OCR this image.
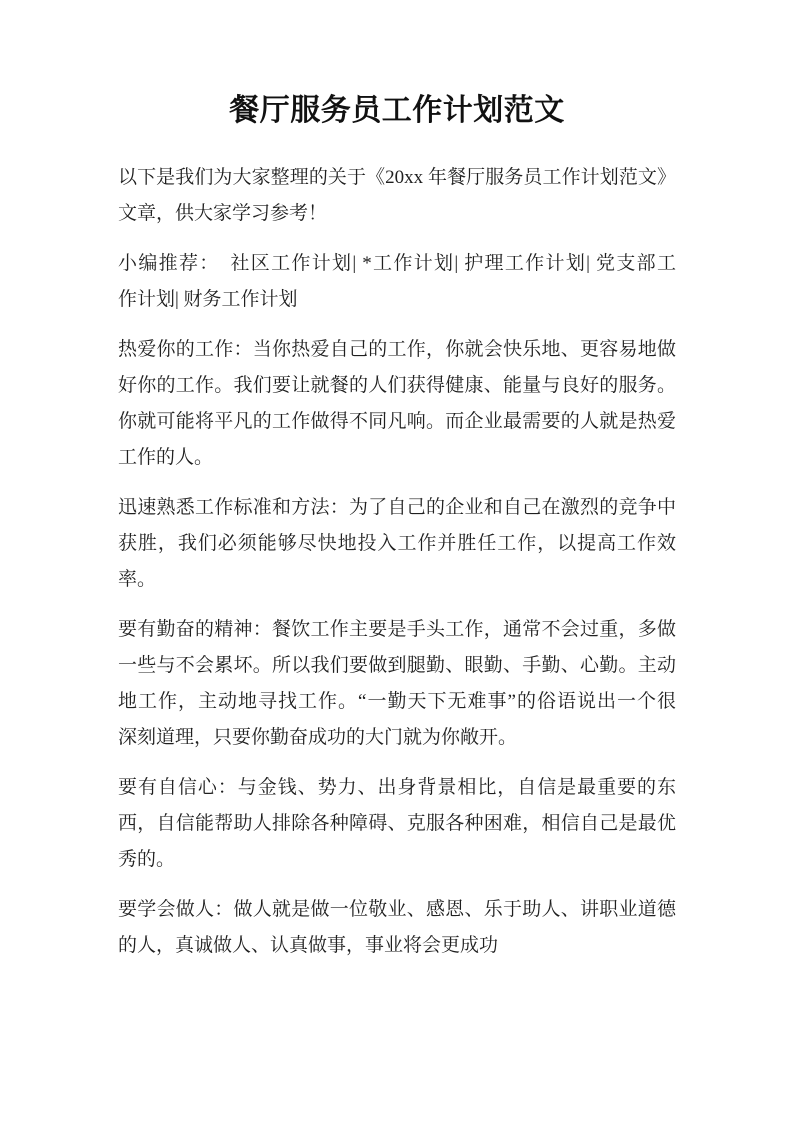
餐厅服务员工作计划范文

以下是我们为大家整理的关于《20xx 年餐厅服务员工作计划范文》
文章，供大家学习参考！

小编推荐：　社区工作计划| *工作计划| 护理工作计划| 党支部工
作计划| 财务工作计划

热爱你的工作：当你热爱自己的工作，你就会快乐地、更容易地做
好你的工作。我们要让就餐的人们获得健康、能量与良好的服务。
你就可能将平凡的工作做得不同凡响。而企业最需要的人就是热爱
工作的人。

迅速熟悉工作标准和方法：为了自己的企业和自己在激烈的竞争中
获胜，我们必须能够尽快地投入工作并胜任工作，以提高工作效
率。

要有勤奋的精神：餐饮工作主要是手头工作，通常不会过重，多做
一些与不会累坏。所以我们要做到腿勤、眼勤、手勤、心勤。主动
地工作，主动地寻找工作。“一勤天下无难事”的俗语说出一个很
深刻道理，只要你勤奋成功的大门就为你敞开。

要有自信心：与金钱、势力、出身背景相比，自信是最重要的东
西，自信能帮助人排除各种障碍、克服各种困难，相信自己是最优
秀的。

要学会做人：做人就是做一位敬业、感恩、乐于助人、讲职业道德
的人，真诚做人、认真做事，事业将会更成功
